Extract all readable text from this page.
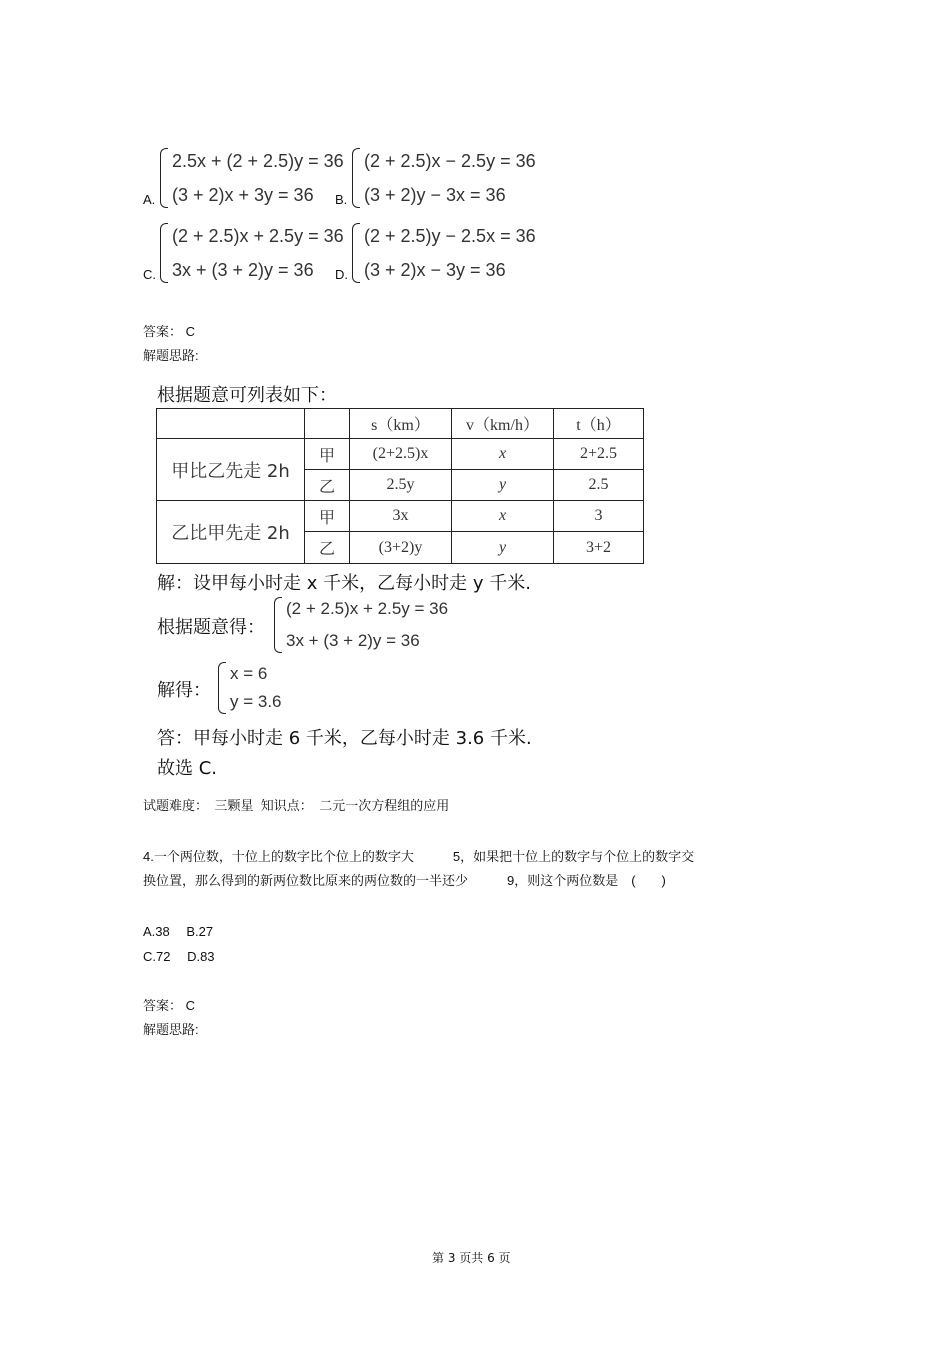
A.
2.5x + (2 + 2.5)y = 36
(3 + 2)x + 3y = 36	B.
(2 + 2.5)x − 2.5y = 36
(3 + 2)y − 3x = 36
C.
(2 + 2.5)x + 2.5y = 36
3x + (3 + 2)y = 36	D.
(2 + 2.5)y − 2.5x = 36
(3 + 2)x − 3y = 36
答案： C
解题思路:
根据题意可列表如下：
		s（km）	v（km/h）	t（h）
甲比乙先走 2h	甲	(2+2.5)x	x	2+2.5
	乙	2.5y	y	2.5
乙比甲先走 2h	甲	3x	x	3
	乙	(3+2)y	y	3+2
解：设甲每小时走 x 千米，乙每小时走 y 千米.
根据题意得：
(2 + 2.5)x + 2.5y = 36
3x + (3 + 2)y = 36
解得：
x = 6
y = 3.6
答：甲每小时走 6 千米，乙每小时走 3.6 千米.
故选 C.
试题难度：　三颗星  知识点：　二元一次方程组的应用
4.一个两位数，十位上的数字比个位上的数字大　　　5，如果把十位上的数字与个位上的数字交
换位置，那么得到的新两位数比原来的两位数的一半还少　　　9，则这个两位数是　(　　)
A.38　 B.27
C.72　 D.83
答案： C
解题思路:
第 3 页共 6 页
